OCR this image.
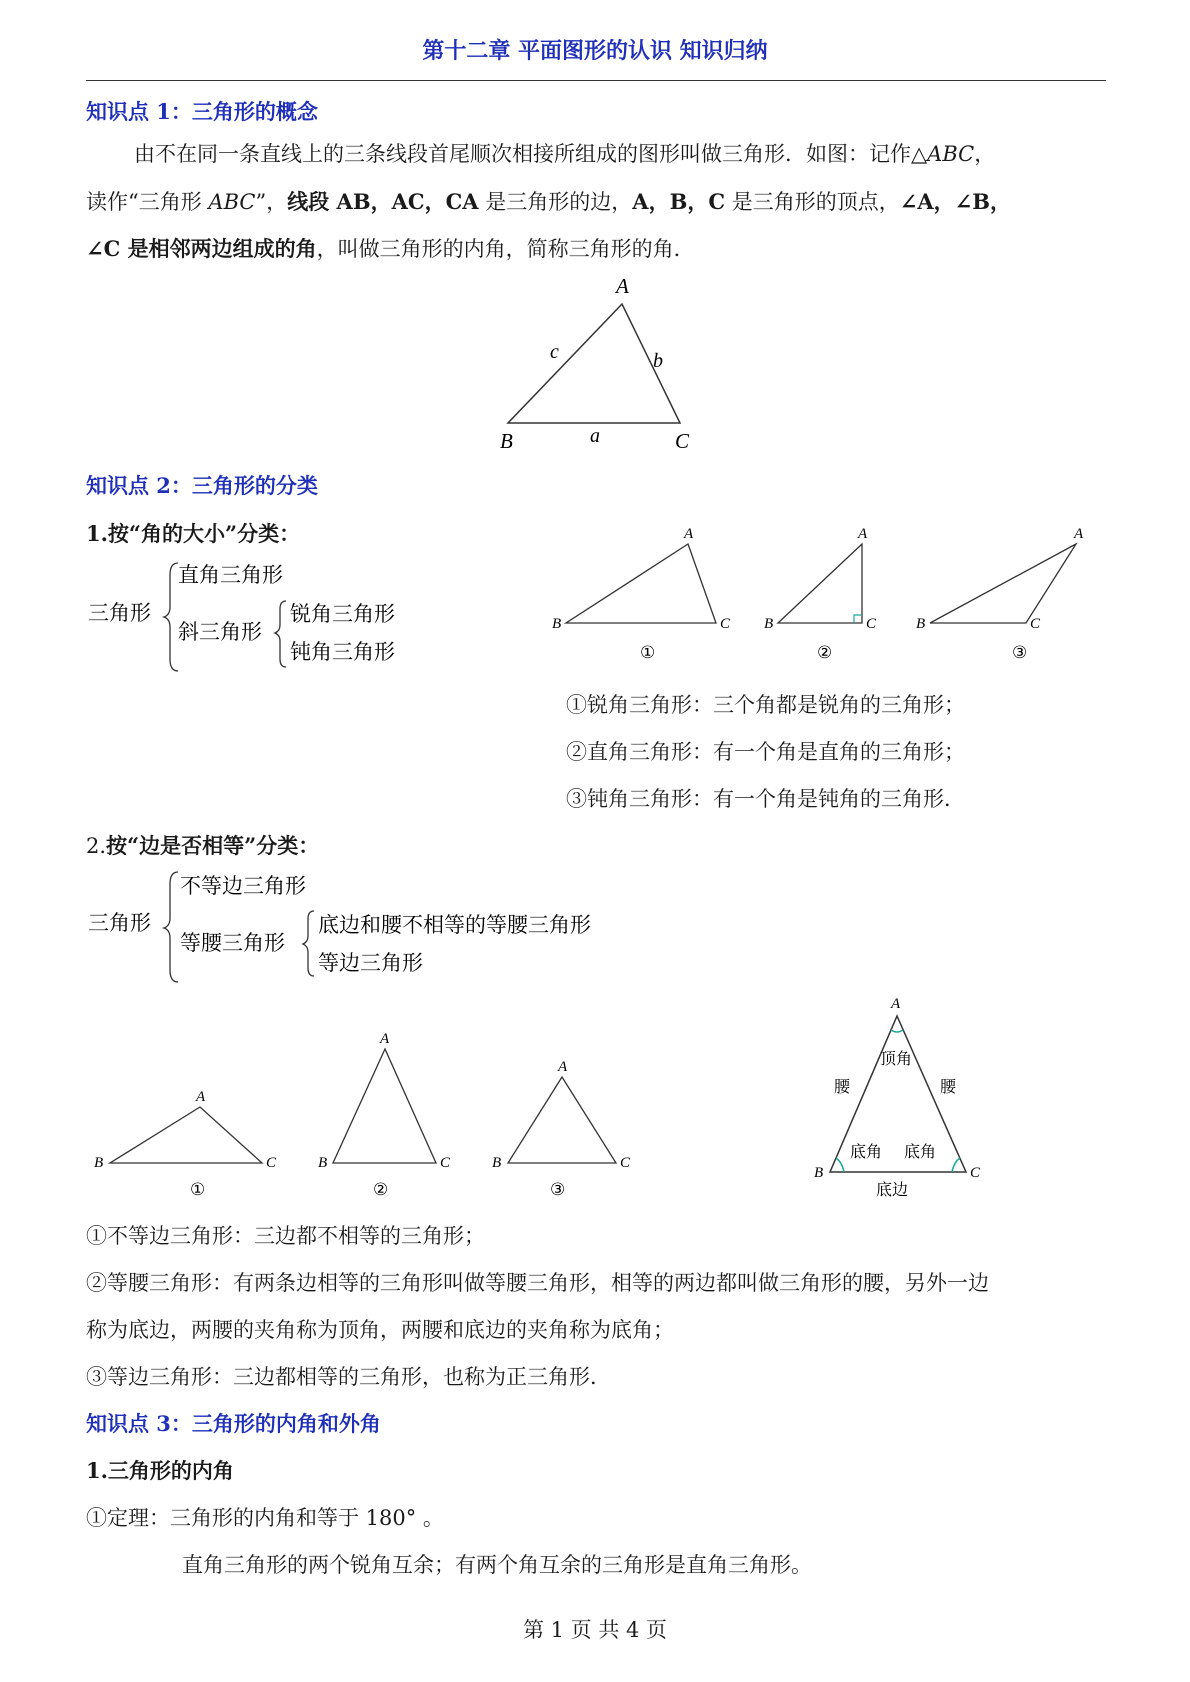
第十二章 平面图形的认识 知识归纳
知识点 1：三角形的概念
由不在同一条直线上的三条线段首尾顺次相接所组成的图形叫做三角形．如图：记作△ABC，
读作“三角形 ABC”，线段 AB，AC，CA 是三角形的边，A，B，C 是三角形的顶点，∠A，∠B，
∠C 是相邻两边组成的角，叫做三角形的内角，简称三角形的角．
A
B	C
a
b
c
知识点 2：三角形的分类
1.按“角的大小”分类：
三角形
直角三角形
斜三角形
锐角三角形
钝角三角形
A
B	C
①
A
B	C
②
A
B	C
③
①锐角三角形：三个角都是锐角的三角形；
②直角三角形：有一个角是直角的三角形；
③钝角三角形：有一个角是钝角的三角形．
2.按“边是否相等”分类：
三角形
不等边三角形
等腰三角形
底边和腰不相等的等腰三角形
等边三角形
A
B	C
①
A
B	C
②
A
B	C
③
A
B	C
顶角
腰	腰
底角 底角
底边
①不等边三角形：三边都不相等的三角形；
②等腰三角形：有两条边相等的三角形叫做等腰三角形，相等的两边都叫做三角形的腰，另外一边
称为底边，两腰的夹角称为顶角，两腰和底边的夹角称为底角；
③等边三角形：三边都相等的三角形，也称为正三角形．
知识点 3：三角形的内角和外角
1.三角形的内角
①定理：三角形的内角和等于 180° 。
直角三角形的两个锐角互余；有两个角互余的三角形是直角三角形。
第 1 页 共 4 页
